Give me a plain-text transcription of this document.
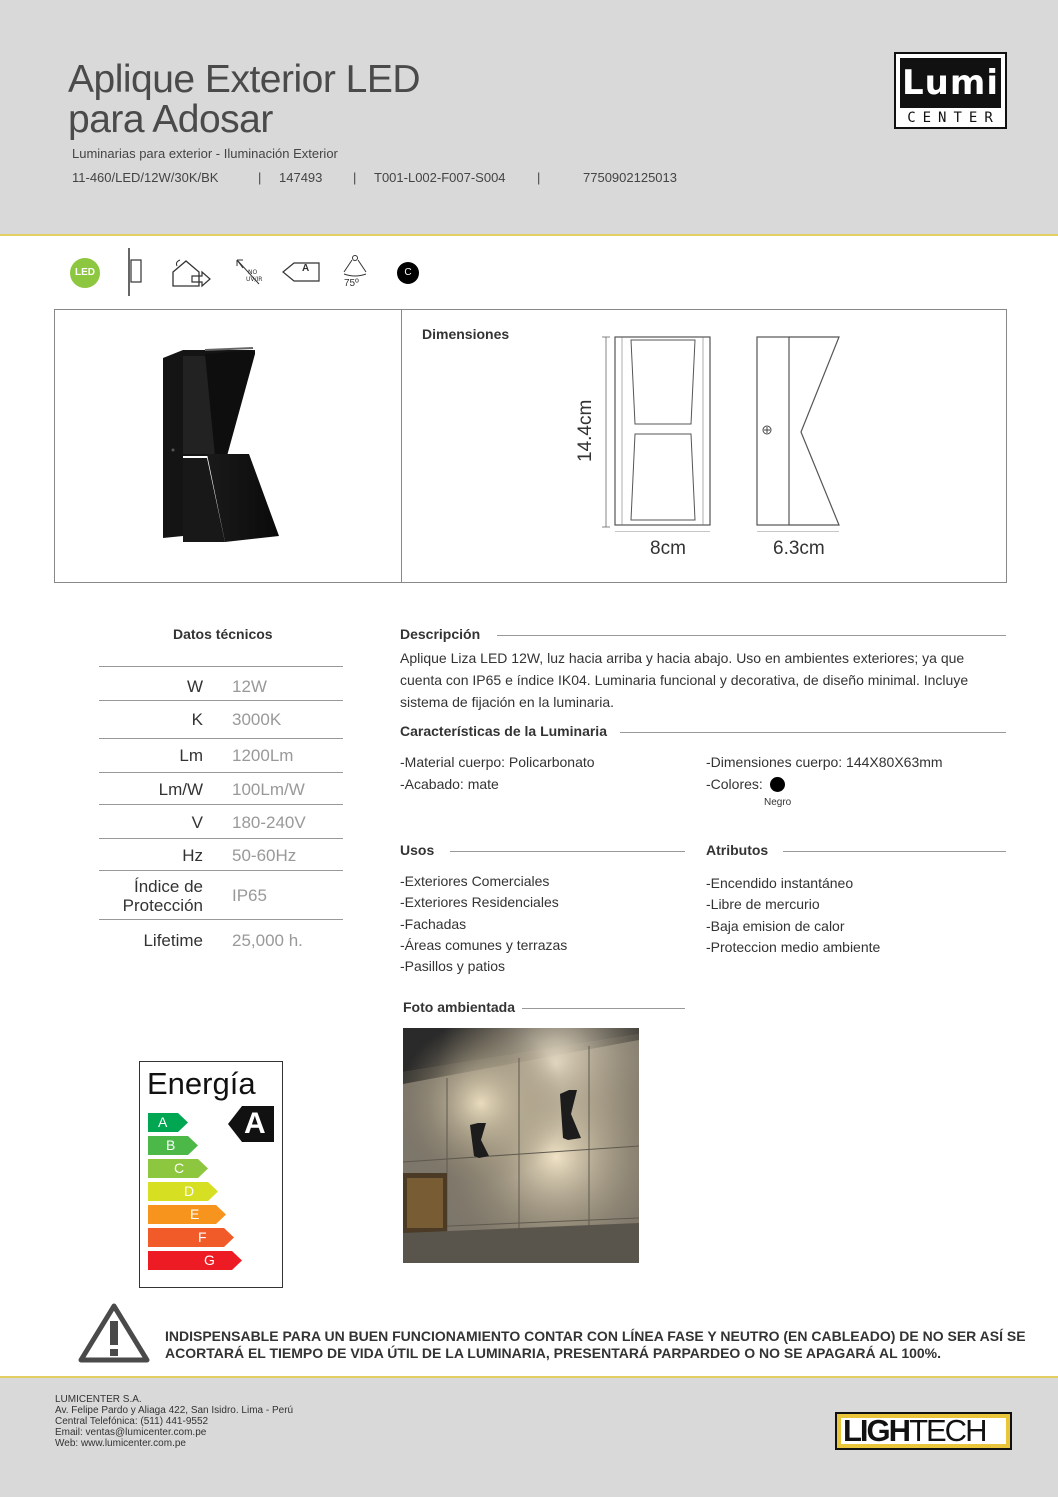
Aplique Exterior LED
para Adosar
Luminarias para exterior - Iluminación Exterior
11-460/LED/12W/30K/BK	| 147493 | T001-L002-F007-S004 |	7750902125013
Lumi
CENTER
LED	NO
UV/IR
A
75º
C
Dimensiones
14.4cm
8cm	6.3cm
Datos técnicos
W 12W
K 3000K
Lm 1200Lm
Lm/W 100Lm/W
V 180-240V
Hz 50-60Hz
Índice de Protección
IP65
Lifetime 25,000 h.
Descripción
Aplique Liza LED 12W, luz hacia arriba y hacia abajo. Uso en ambientes exteriores; ya que cuenta con IP65 e índice IK04. Luminaria funcional y decorativa, de diseño minimal. Incluye sistema de fijación en la luminaria.
Características de la Luminaria
-Material cuerpo: Policarbonato
-Acabado: mate
-Dimensiones cuerpo: 144X80X63mm
-Colores:
Negro
Usos
-Exteriores Comerciales
-Exteriores Residenciales
-Fachadas
-Áreas comunes y terrazas
-Pasillos y patios
Atributos
-Encendido instantáneo
-Libre de mercurio
-Baja emision de calor
-Proteccion medio ambiente
Foto ambientada
Energía
A
B
C
D
E
F
G
A
INDISPENSABLE PARA UN BUEN FUNCIONAMIENTO CONTAR CON LÍNEA FASE Y NEUTRO (EN CABLEADO) DE NO SER ASÍ SE
ACORTARÁ EL TIEMPO DE VIDA ÚTIL DE LA LUMINARIA, PRESENTARÁ PARPARDEO O NO SE APAGARÁ AL 100%.
LUMICENTER S.A.
Av. Felipe Pardo y Aliaga 422, San Isidro. Lima - Perú
Central Telefónica: (511) 441-9552
Email: ventas@lumicenter.com.pe
Web: www.lumicenter.com.pe	LIGHTECH
